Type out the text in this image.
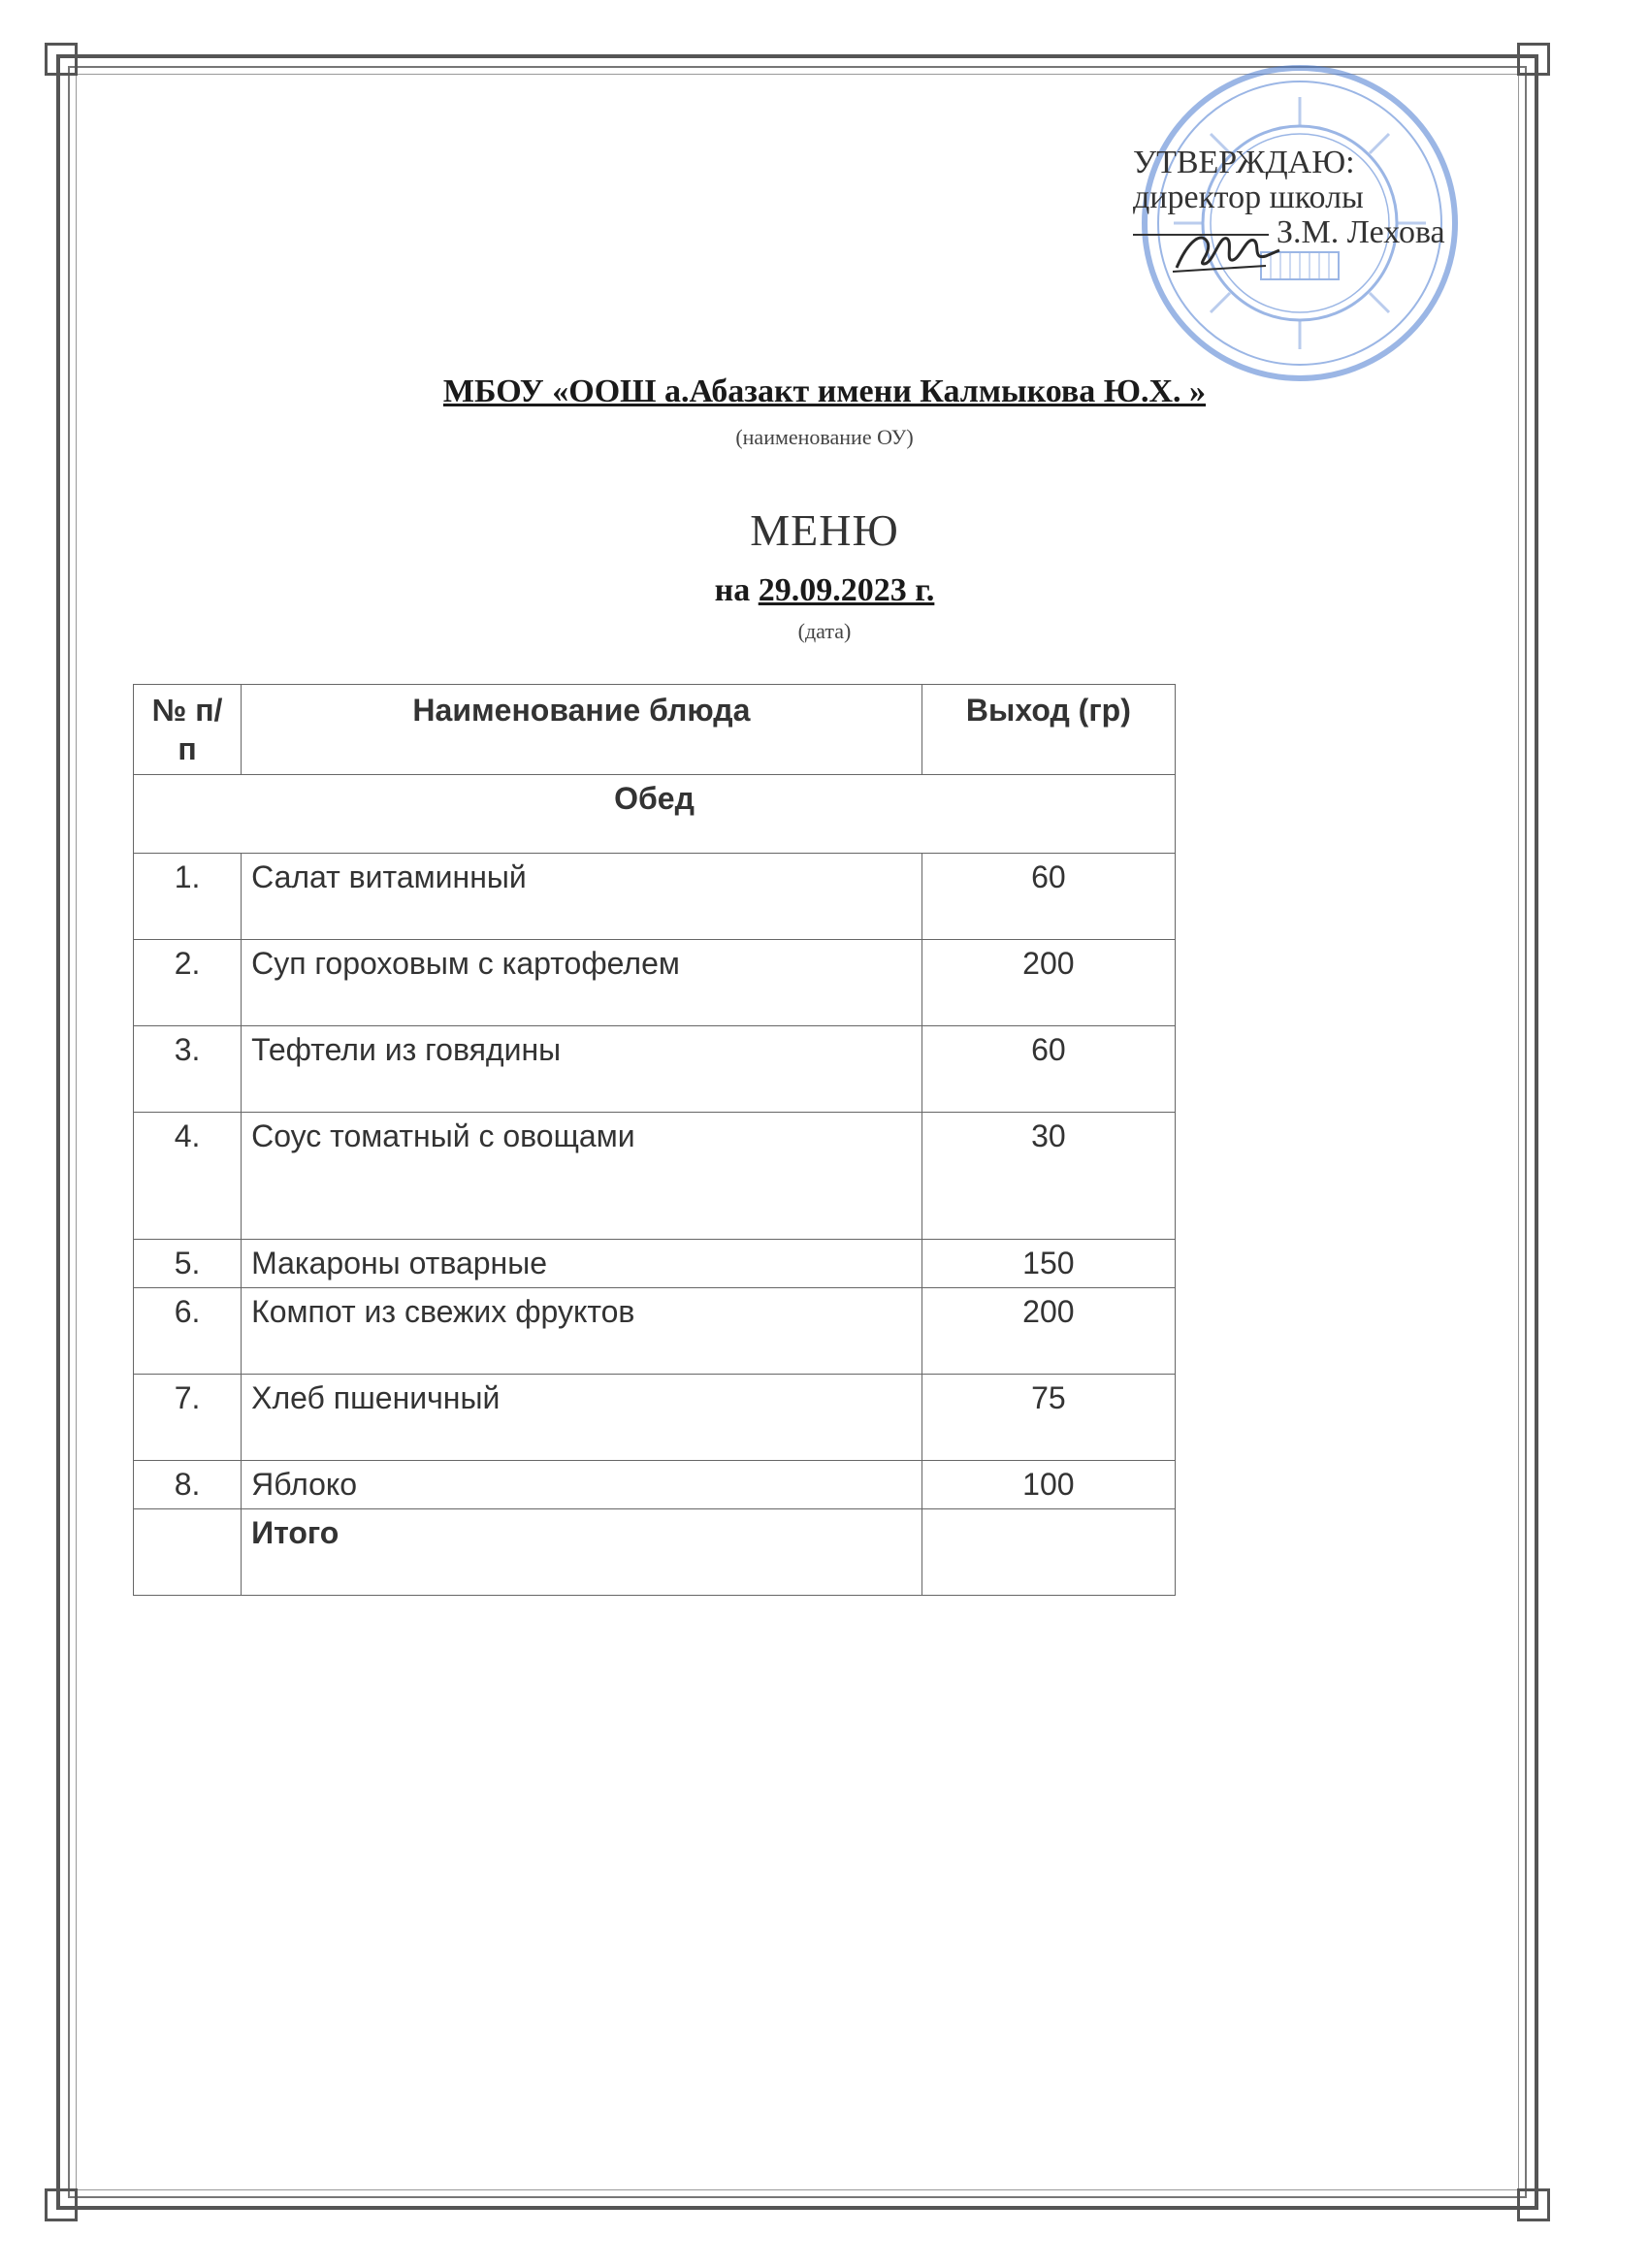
УТВЕРЖДАЮ:
директор школы
З.М. Лехова
МБОУ «ООШ а.Абазакт имени Калмыкова Ю.Х. »
(наименование ОУ)
МЕНЮ
на 29.09.2023 г.
(дата)
№ п/п	Наименование блюда	Выход (гр)
Обед		
1.	Салат витаминный	60
2.	Суп гороховым с картофелем	200
3.	Тефтели из говядины	60
4.	Соус томатный с овощами	30
5.	Макароны отварные	150
6.	Компот из свежих фруктов	200
7.	Хлеб пшеничный	75
8.	Яблоко	100
	Итого	
